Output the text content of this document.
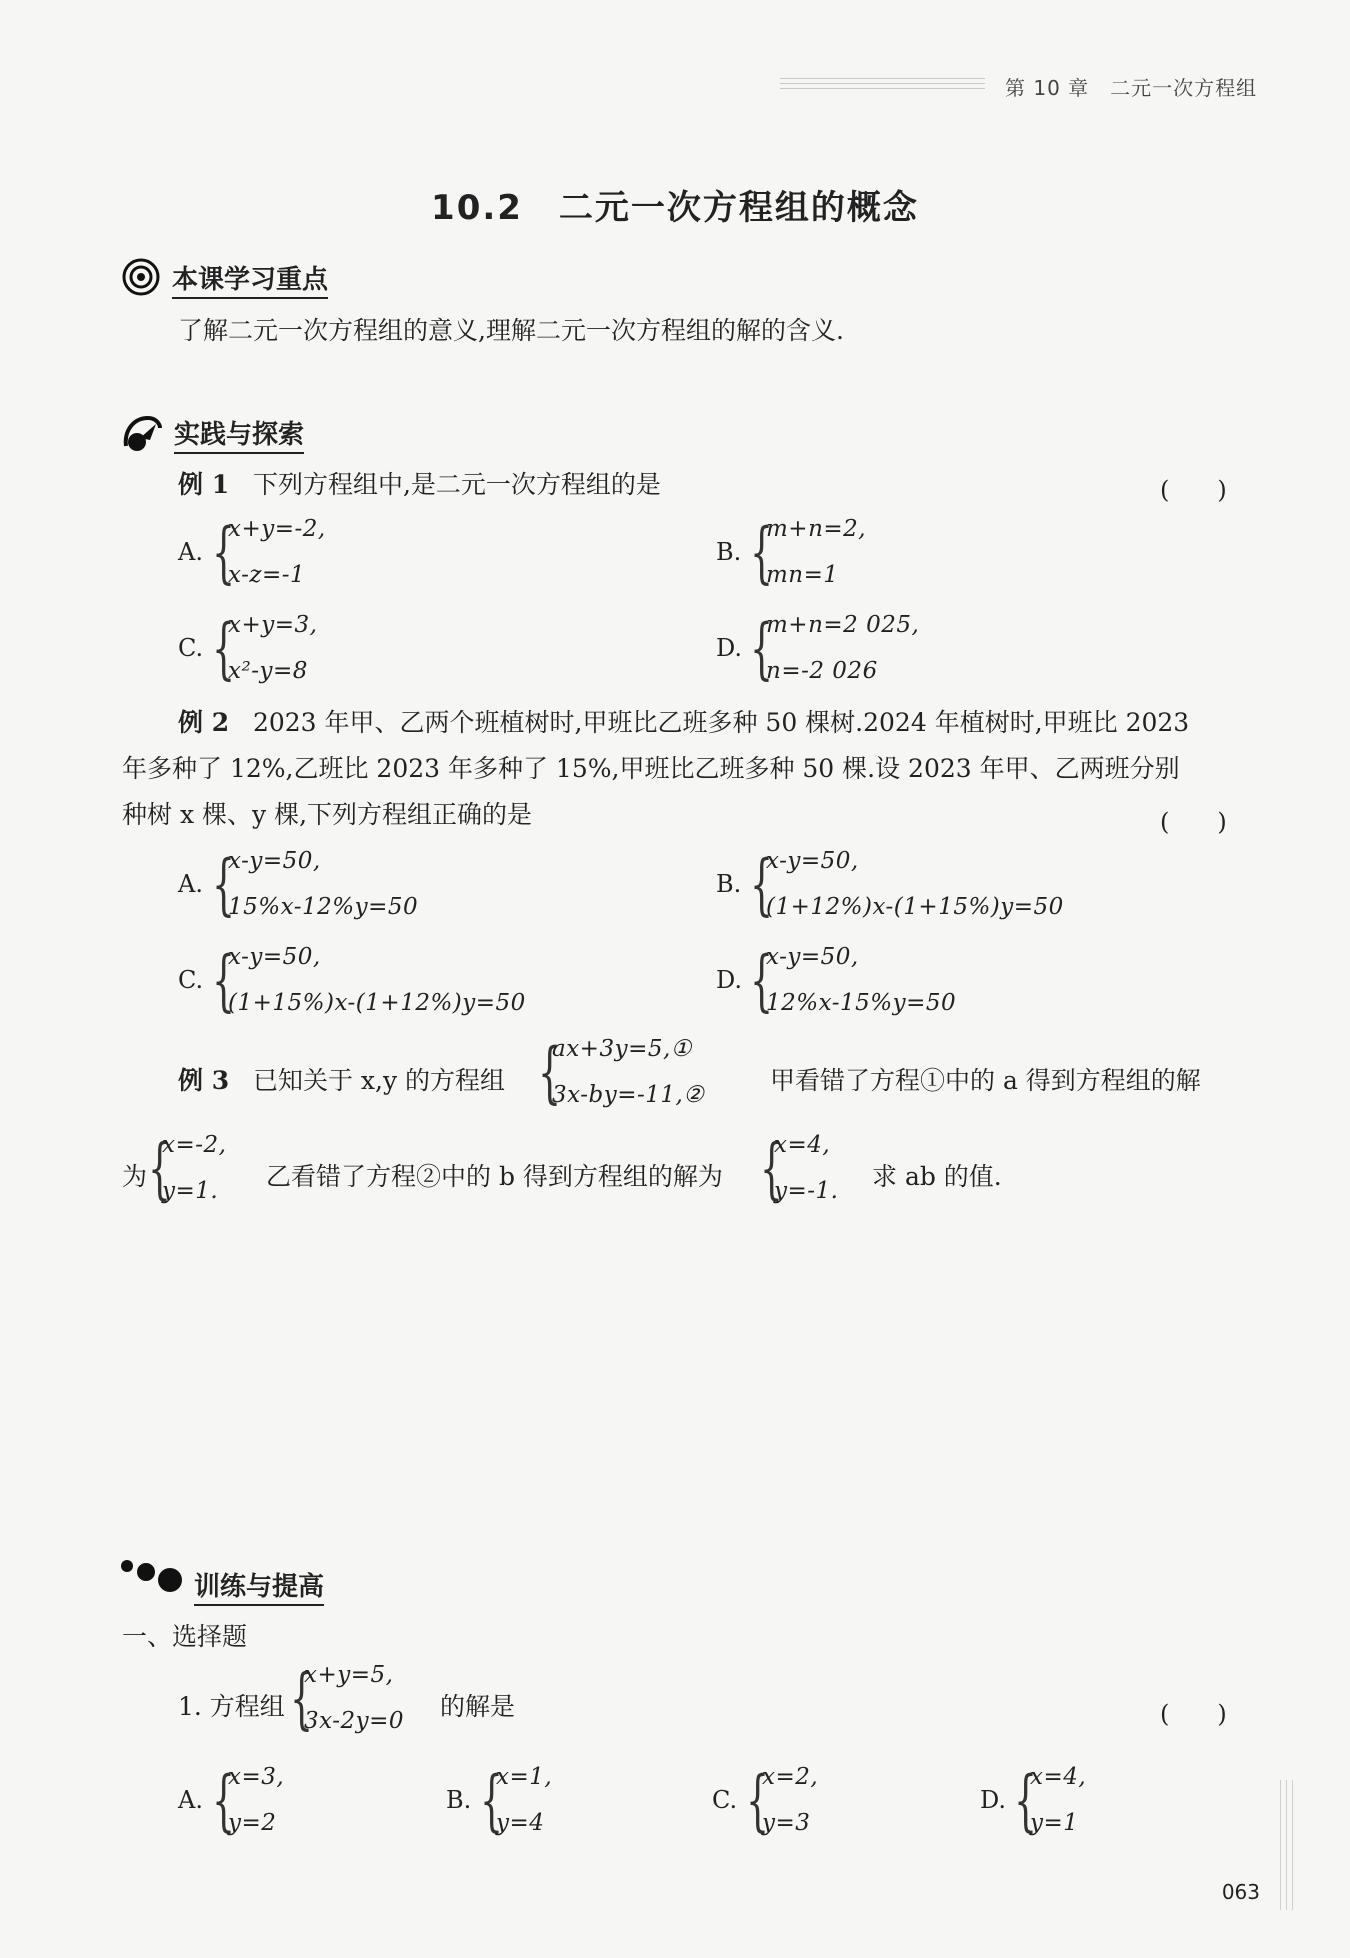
第 10 章　二元一次方程组
10.2　二元一次方程组的概念
本课学习重点
了解二元一次方程组的意义,理解二元一次方程组的解的含义.
实践与探索
例 1 下列方程组中,是二元一次方程组的是	(　　)
A. {
x+y=-2,
x-z=-1
B. {
m+n=2,
mn=1
C. {
x+y=3,
x²-y=8
D. {
m+n=2 025,
n=-2 026
例 2 2023 年甲、乙两个班植树时,甲班比乙班多种 50 棵树.2024 年植树时,甲班比 2023
年多种了 12%,乙班比 2023 年多种了 15%,甲班比乙班多种 50 棵.设 2023 年甲、乙两班分别
种树 x 棵、y 棵,下列方程组正确的是	(　　)
A. {
x-y=50,
15%x-12%y=50
B. {
x-y=50,
(1+12%)x-(1+15%)y=50
C. {
x-y=50,
(1+15%)x-(1+12%)y=50
D. {
x-y=50,
12%x-15%y=50
例 3 已知关于 x,y 的方程组 {
ax+3y=5,①
3x-by=-11,②	甲看错了方程①中的 a 得到方程组的解
为 {
x=-2,
y=1. 乙看错了方程②中的 b 得到方程组的解为 {
x=4,
y=-1. 求 ab 的值.
训练与提高
一、选择题
1. 方程组 {
x+y=5,
3x-2y=0 的解是	(　　)
A. {
x=3,
y=2
B. {
x=1,
y=4
C. {
x=2,
y=3
D. {
x=4,
y=1
063
